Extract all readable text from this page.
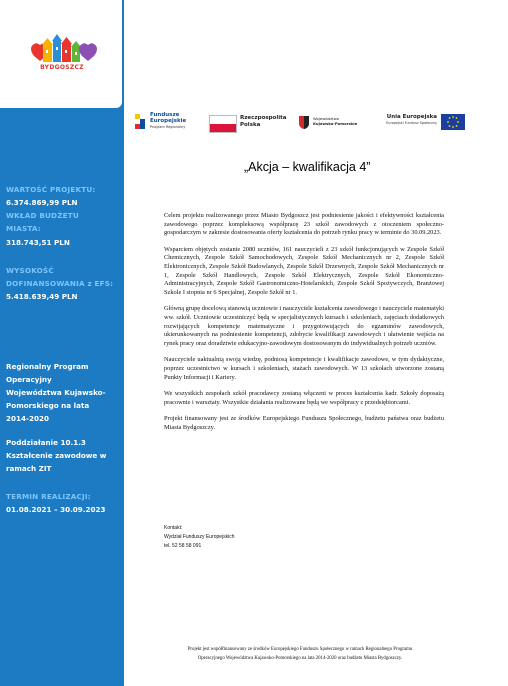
BYDGOSZCZ
WARTOŚĆ PROJEKTU:
6.374.869,99 PLN
WKŁAD BUDŻETU
MIASTA:
318.743,51 PLN
WYSOKOŚĆ
DOFINANSOWANIA z EFS:
5.418.639,49 PLN
Regionalny Program
Operacyjny
Województwa Kujawsko-
Pomorskiego na lata
2014-2020
Poddziałanie 10.1.3
Kształcenie zawodowe w
ramach ZIT
TERMIN REALIZACJI:
01.08.2021 – 30.09.2023
Fundusze
Europejskie
Program Regionalny
Rzeczpospolita
Polska
Województwo
Kujawsko-Pomorskie
Unia Europejska
Europejski Fundusz Społeczny
„Akcja – kwalifikacja 4”

Celem projektu realizowanego przez Miasto Bydgoszcz jest podniesienie jakości i efektywności kształcenia zawodowego poprzez kompleksową współpracę 23 szkół zawodowych z otoczeniem społeczno-gospodarczym w zakresie dostosowania oferty kształcenia do potrzeb rynku pracy w terminie do 30.09.2023.

Wsparciem objętych zostanie 2080 uczniów, 161 nauczycieli z 23 szkół funkcjonujących w Zespole Szkół Chemicznych, Zespole Szkół Samochodowych, Zespole Szkół Mechanicznych nr 2, Zespole Szkół Elektronicznych, Zespole Szkół Budowlanych, Zespole Szkół Drzewnych, Zespole Szkół Mechanicznych nr 1, Zespole Szkół Handlowych, Zespole Szkół Elektrycznych, Zespole Szkół Ekonomiczno-Administracyjnych, Zespole Szkół Gastronomiczno-Hotelarskich, Zespole Szkół Spożywczych, Branżowej Szkole I stopnia nr 6 Specjalnej, Zespole Szkół nr 1.

Główną grupę docelową stanowią uczniowie i nauczyciele kształcenia zawodowego i nauczyciele matematyki ww. szkół. Uczniowie uczestniczyć będą w specjalistycznych kursach i szkoleniach, zajęciach dodatkowych rozwijających kompetencje matematyczne i przygotowujących do egzaminów zawodowych, ukierunkowanych na podniesienie kompetencji, zdobycie kwalifikacji zawodowych i ułatwienie wejścia na rynek pracy oraz doradztwie edukacyjno-zawodowym dostosowanym do indywidualnych potrzeb uczniów.

Nauczyciele uaktualnią swoją wiedzę, podniosą kompetencje i kwalifikacje zawodowe, w tym dydaktyczne, poprzez uczestnictwo w kursach i szkoleniach, stażach zawodowych. W 13 szkołach utworzone zostaną Punkty Informacji i Kariery.

We wszystkich zespołach szkół pracodawcy zostaną włączeni w proces kształcenia kadr. Szkoły doposażą pracownie i warsztaty. Wszystkie działania realizowane będą we współpracy z przedsiębiorcami.

Projekt finansowany jest ze środków Europejskiego Funduszu Społecznego, budżetu państwa oraz budżetu Miasta Bydgoszczy.

Kontakt:
Wydział Funduszy Europejskich
tel. 52 58 58 091
Projekt jest współfinansowany ze środków Europejskiego Funduszu Społecznego w ramach Regionalnego Programu
Operacyjnego Województwa Kujawsko-Pomorskiego na lata 2014-2020 oraz budżetu Miasta Bydgoszczy.
